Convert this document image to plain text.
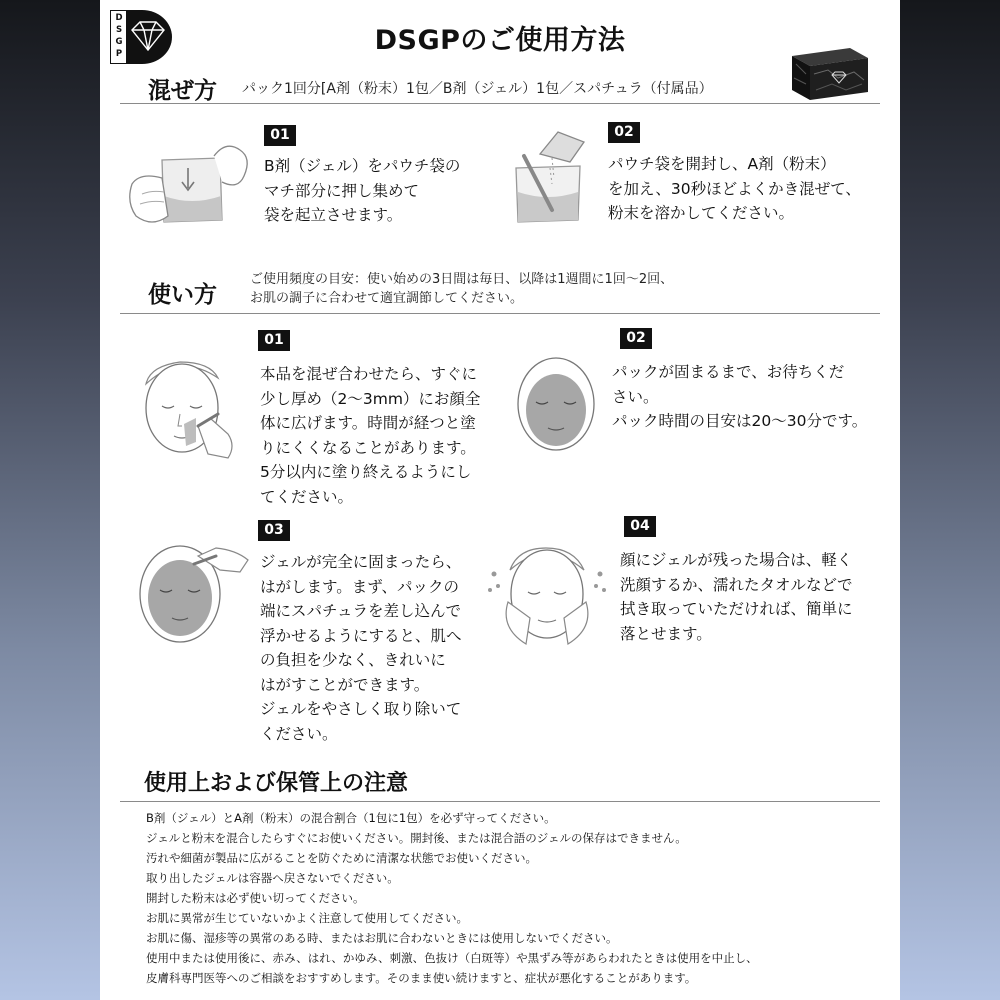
DSGP	DSGPのご使用方法
混ぜ方 パック1回分[A剤（粉末）1包／B剤（ジェル）1包／スパチュラ（付属品）
01
B剤（ジェル）をパウチ袋の
マチ部分に押し集めて
袋を起立させます。
02
パウチ袋を開封し、A剤（粉末）
を加え、30秒ほどよくかき混ぜて、
粉末を溶かしてください。
使い方
ご使用頻度の目安：使い始めの3日間は毎日、以降は1週間に1回〜2回、
お肌の調子に合わせて適宜調節してください。
01
本品を混ぜ合わせたら、すぐに
少し厚め（2〜3mm）にお顔全
体に広げます。時間が経つと塗
りにくくなることがあります。
5分以内に塗り終えるようにし
てください。
02
パックが固まるまで、お待ちくだ
さい。
パック時間の目安は20〜30分です。
03
ジェルが完全に固まったら、
はがします。まず、パックの
端にスパチュラを差し込んで
浮かせるようにすると、肌へ
の負担を少なく、きれいに
はがすことができます。
ジェルをやさしく取り除いて
ください。
04
顔にジェルが残った場合は、軽く
洗顔するか、濡れたタオルなどで
拭き取っていただければ、簡単に
落とせます。
使用上および保管上の注意
B剤（ジェル）とA剤（粉末）の混合割合（1包に1包）を必ず守ってください。
ジェルと粉末を混合したらすぐにお使いください。開封後、または混合語のジェルの保存はできません。
汚れや細菌が製品に広がることを防ぐために清潔な状態でお使いください。
取り出したジェルは容器へ戻さないでください。
開封した粉末は必ず使い切ってください。
お肌に異常が生じていないかよく注意して使用してください。
お肌に傷、湿疹等の異常のある時、またはお肌に合わないときには使用しないでください。
使用中または使用後に、赤み、はれ、かゆみ、刺激、色抜け（白斑等）や黒ずみ等があらわれたときは使用を中止し、
皮膚科専門医等へのご相談をおすすめします。そのまま使い続けますと、症状が悪化することがあります。
